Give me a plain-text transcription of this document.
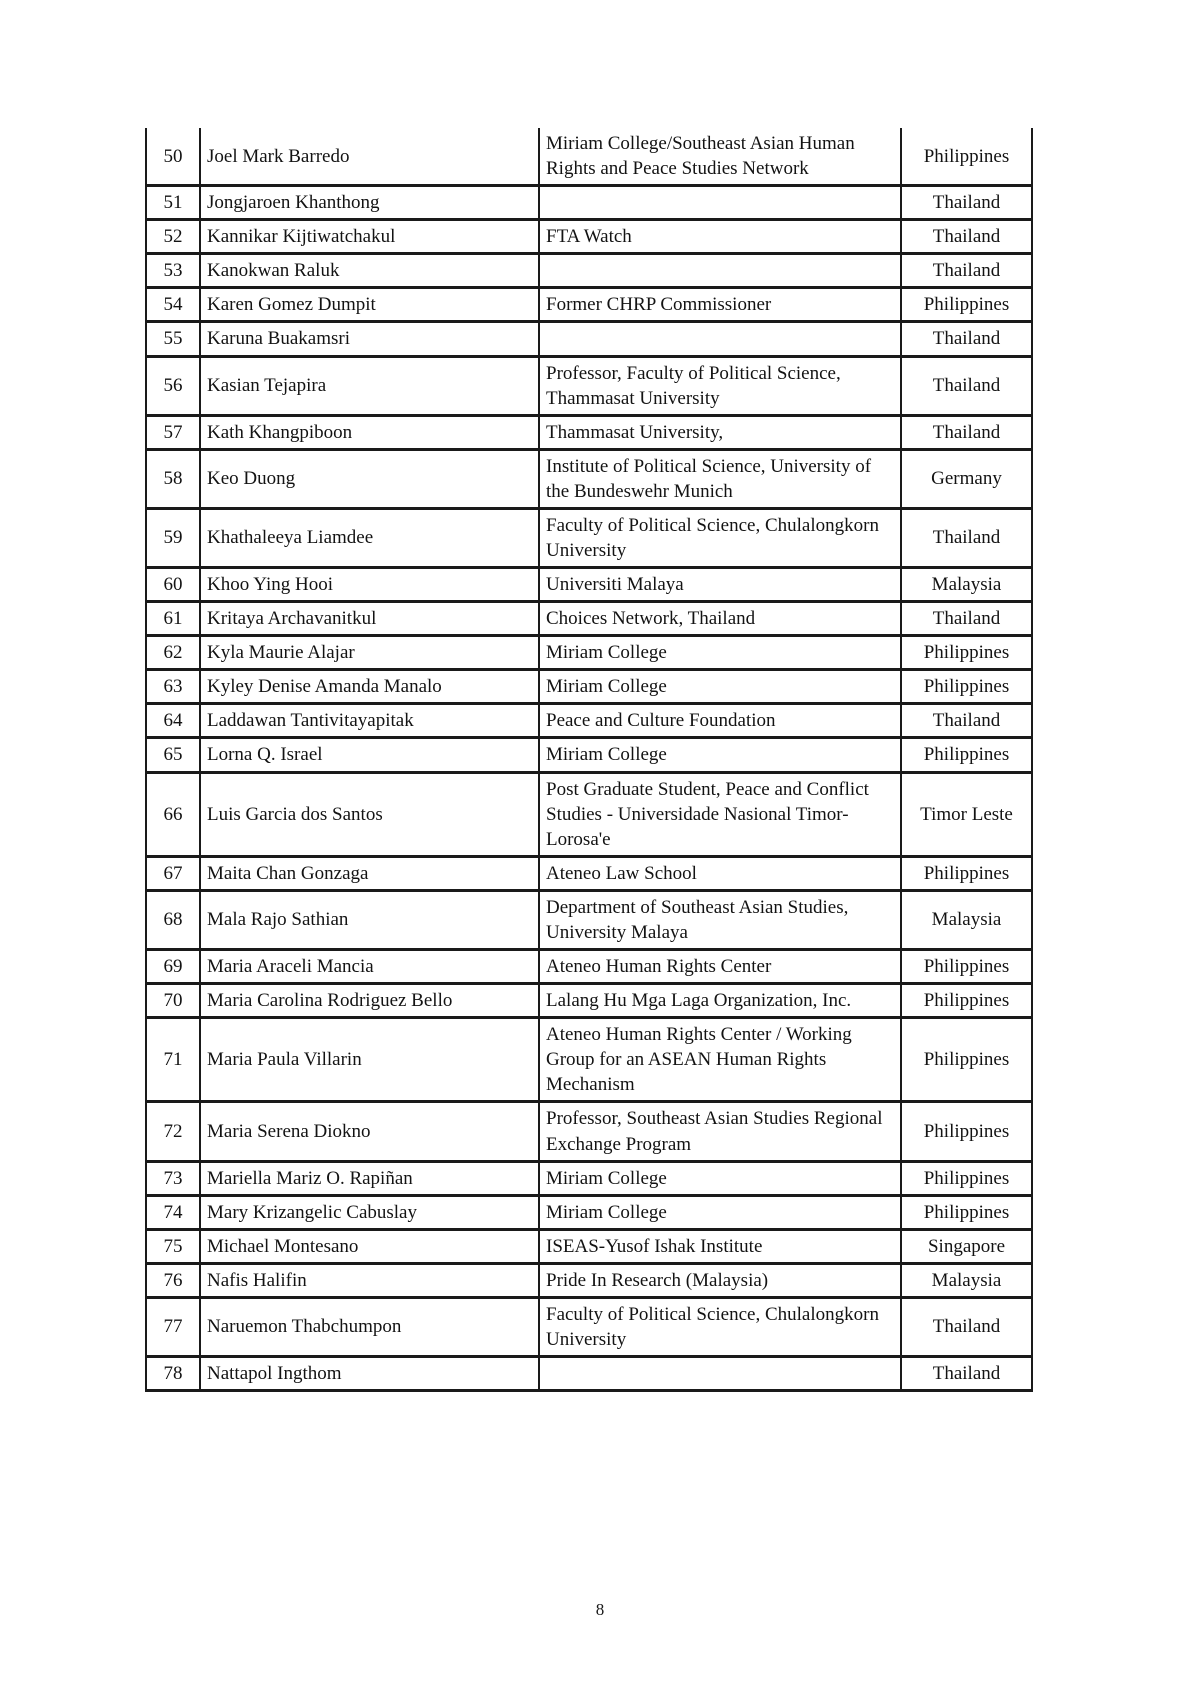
50	Joel Mark Barredo	Miriam College/Southeast Asian Human Rights and Peace Studies Network	Philippines
51	Jongjaroen Khanthong		Thailand
52	Kannikar Kijtiwatchakul	FTA Watch	Thailand
53	Kanokwan Raluk		Thailand
54	Karen Gomez Dumpit	Former CHRP Commissioner	Philippines
55	Karuna Buakamsri		Thailand
56	Kasian Tejapira	Professor, Faculty of Political Science, Thammasat University	Thailand
57	Kath Khangpiboon	Thammasat University,	Thailand
58	Keo Duong	Institute of Political Science, University of the Bundeswehr Munich	Germany
59	Khathaleeya Liamdee	Faculty of Political Science, Chulalongkorn University	Thailand
60	Khoo Ying Hooi	Universiti Malaya	Malaysia
61	Kritaya Archavanitkul	Choices Network, Thailand	Thailand
62	Kyla Maurie Alajar	Miriam College	Philippines
63	Kyley Denise Amanda Manalo	Miriam College	Philippines
64	Laddawan Tantivitayapitak	Peace and Culture Foundation	Thailand
65	Lorna Q. Israel	Miriam College	Philippines
66	Luis Garcia dos Santos	Post Graduate Student, Peace and Conflict Studies - Universidade Nasional Timor- Lorosa'e	Timor Leste
67	Maita Chan Gonzaga	Ateneo Law School	Philippines
68	Mala Rajo Sathian	Department of Southeast Asian Studies, University Malaya	Malaysia
69	Maria Araceli Mancia	Ateneo Human Rights Center	Philippines
70	Maria Carolina Rodriguez Bello	Lalang Hu Mga Laga Organization, Inc.	Philippines
71	Maria Paula Villarin	Ateneo Human Rights Center / Working Group for an ASEAN Human Rights Mechanism	Philippines
72	Maria Serena Diokno	Professor, Southeast Asian Studies Regional Exchange Program	Philippines
73	Mariella Mariz O. Rapiñan	Miriam College	Philippines
74	Mary Krizangelic Cabuslay	Miriam College	Philippines
75	Michael Montesano	ISEAS-Yusof Ishak Institute	Singapore
76	Nafis Halifin	Pride In Research (Malaysia)	Malaysia
77	Naruemon Thabchumpon	Faculty of Political Science, Chulalongkorn University	Thailand
78	Nattapol Ingthom		Thailand
8
